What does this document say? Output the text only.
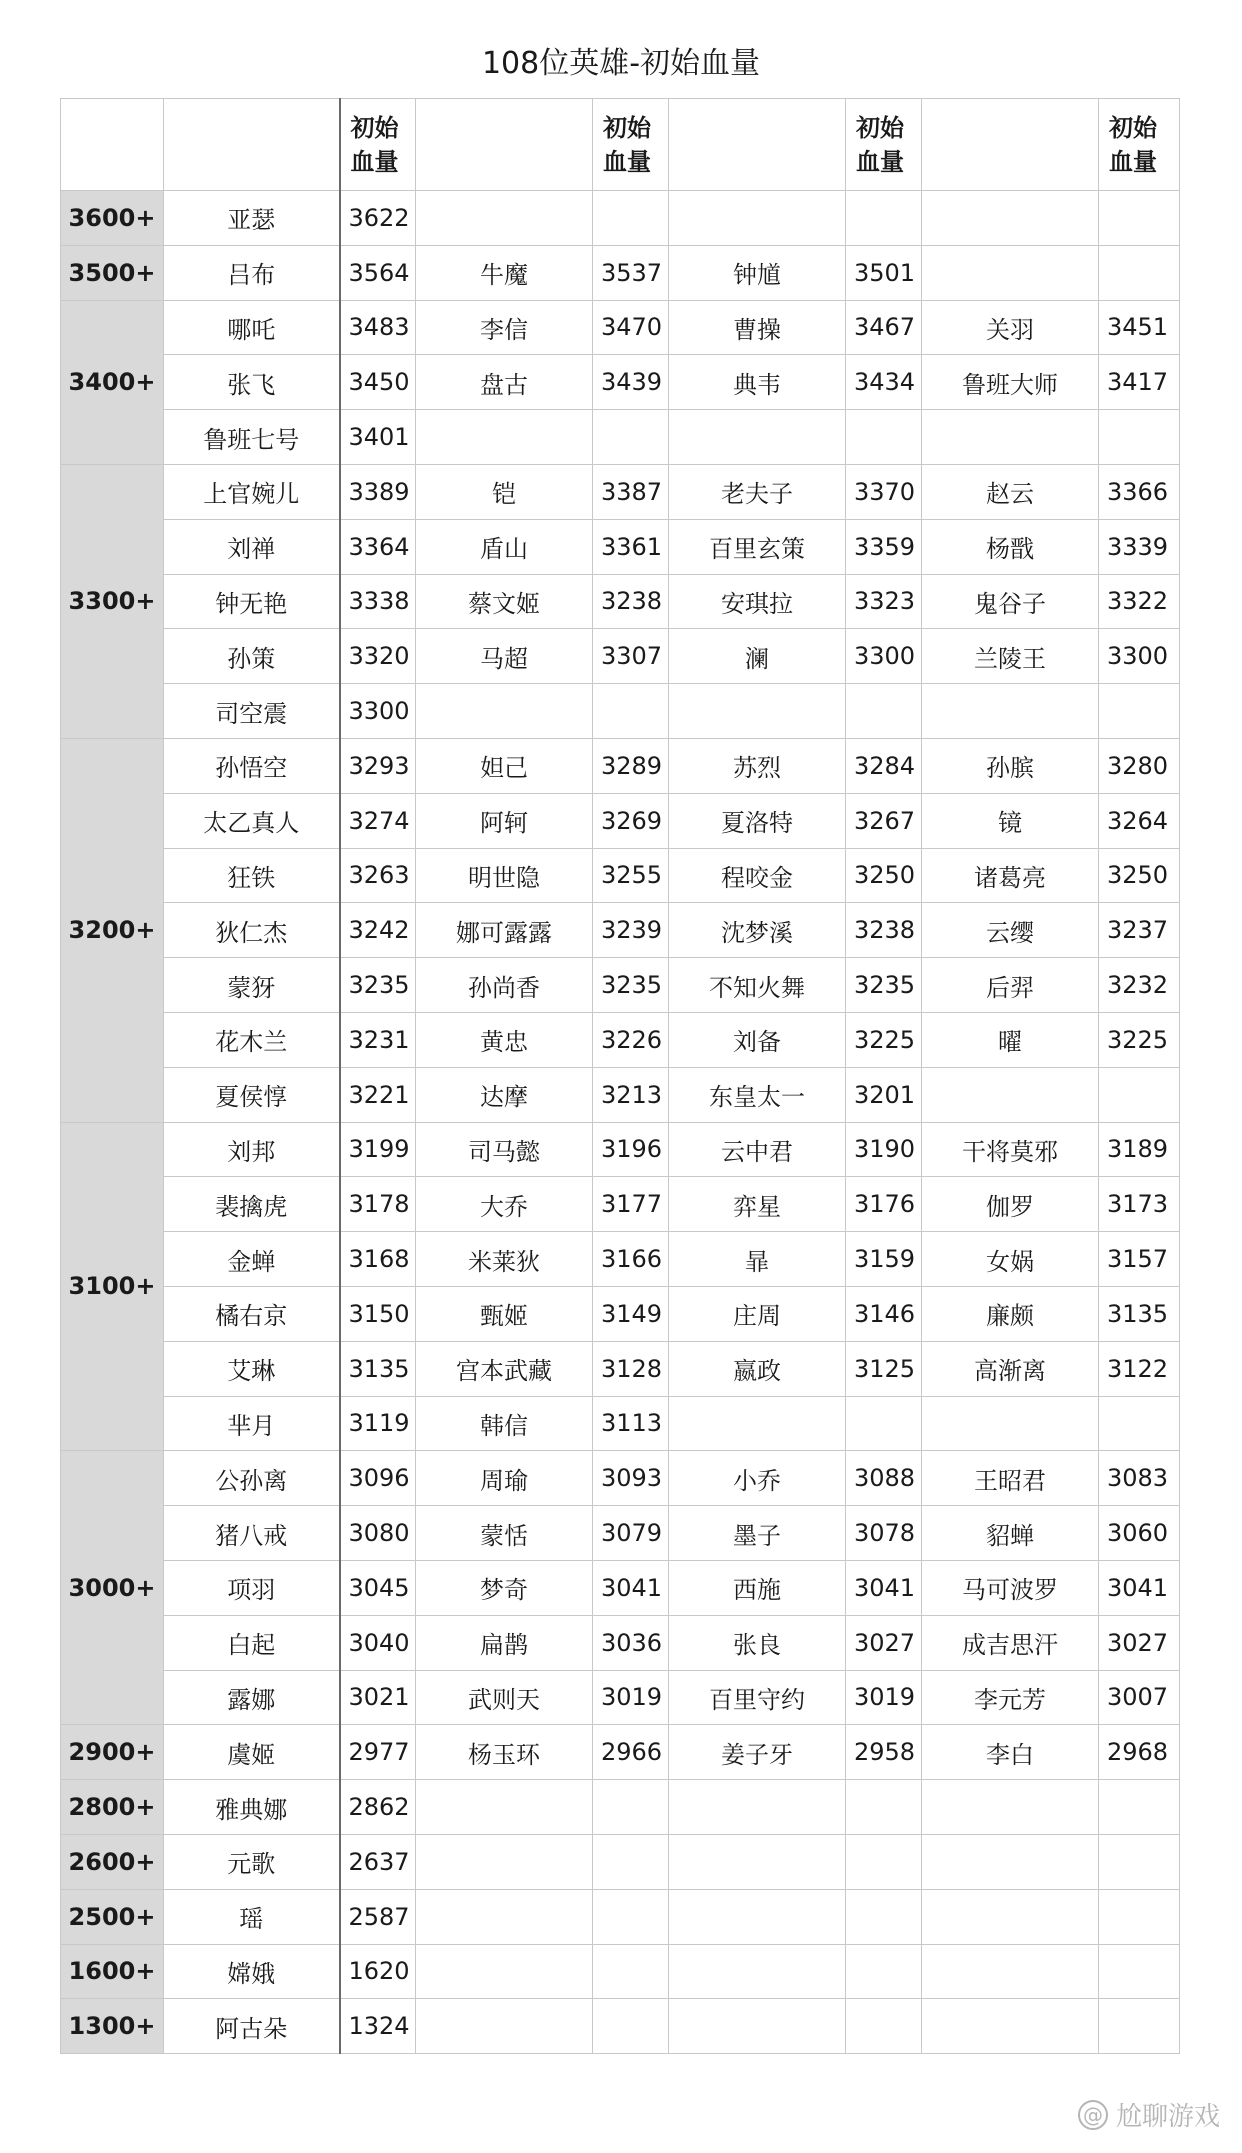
108位英雄-初始血量

		初始
血量		初始
血量		初始
血量		初始
血量

3600+	亚瑟	3622						
3500+	吕布	3564	牛魔	3537	钟馗	3501		
3400+	哪吒	3483	李信	3470	曹操	3467	关羽	3451
	张飞	3450	盘古	3439	典韦	3434	鲁班大师	3417
	鲁班七号	3401						
3300+	上官婉儿	3389	铠	3387	老夫子	3370	赵云	3366
	刘禅	3364	盾山	3361	百里玄策	3359	杨戬	3339
	钟无艳	3338	蔡文姬	3238	安琪拉	3323	鬼谷子	3322
	孙策	3320	马超	3307	澜	3300	兰陵王	3300
	司空震	3300						
3200+	孙悟空	3293	妲己	3289	苏烈	3284	孙膑	3280
	太乙真人	3274	阿轲	3269	夏洛特	3267	镜	3264
	狂铁	3263	明世隐	3255	程咬金	3250	诸葛亮	3250
	狄仁杰	3242	娜可露露	3239	沈梦溪	3238	云缨	3237
	蒙犽	3235	孙尚香	3235	不知火舞	3235	后羿	3232
	花木兰	3231	黄忠	3226	刘备	3225	曜	3225
	夏侯惇	3221	达摩	3213	东皇太一	3201		
3100+	刘邦	3199	司马懿	3196	云中君	3190	干将莫邪	3189
	裴擒虎	3178	大乔	3177	弈星	3176	伽罗	3173
	金蝉	3168	米莱狄	3166	暃	3159	女娲	3157
	橘右京	3150	甄姬	3149	庄周	3146	廉颇	3135
	艾琳	3135	宫本武藏	3128	嬴政	3125	高渐离	3122
	芈月	3119	韩信	3113				
3000+	公孙离	3096	周瑜	3093	小乔	3088	王昭君	3083
	猪八戒	3080	蒙恬	3079	墨子	3078	貂蝉	3060
	项羽	3045	梦奇	3041	西施	3041	马可波罗	3041
	白起	3040	扁鹊	3036	张良	3027	成吉思汗	3027
	露娜	3021	武则天	3019	百里守约	3019	李元芳	3007
2900+	虞姬	2977	杨玉环	2966	姜子牙	2958	李白	2968
2800+	雅典娜	2862						
2600+	元歌	2637						
2500+	瑶	2587						
1600+	嫦娥	1620						
1300+	阿古朵	1324						
@ 尬聊游戏
